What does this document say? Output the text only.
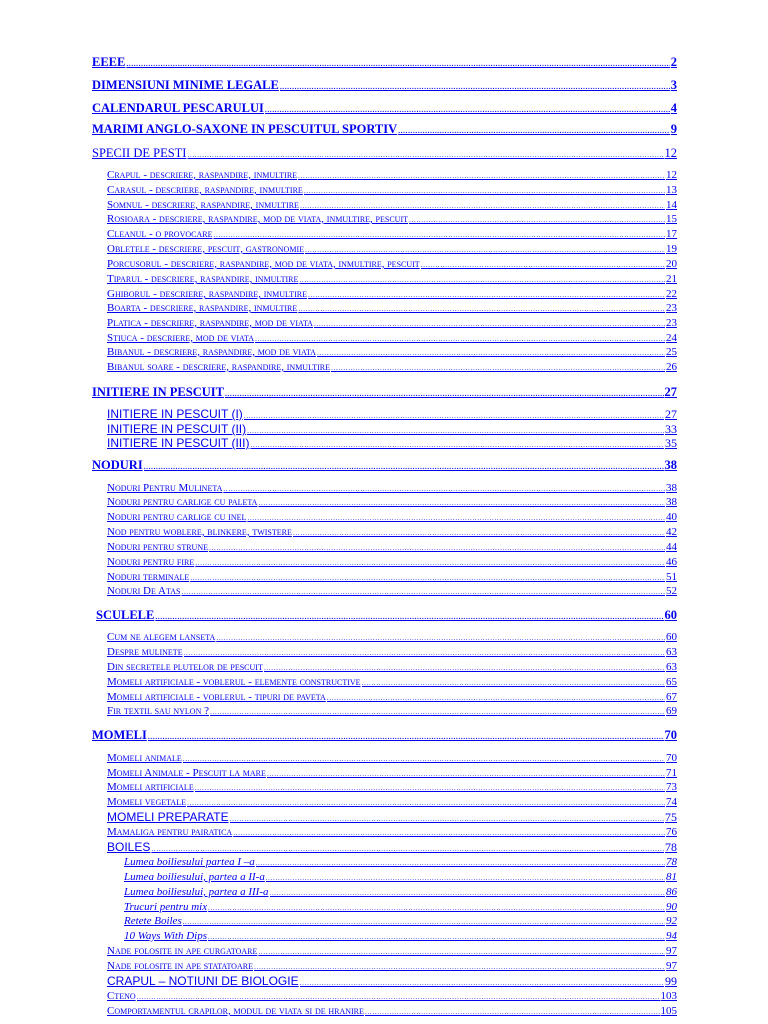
EEEE .....	2
DIMENSIUNI MINIME LEGALE .....	3
CALENDARUL PESCARULUI .....	4
MARIMI ANGLO-SAXONE IN PESCUITUL SPORTIV .....	9
SPECII DE PESTI .....	12
Crapul - descriere, raspandire, inmultire .....	12
Carasul - descriere, raspandire, inmultire .....	13
Somnul - descriere, raspandire, inmultire .....	14
Rosioara - descriere, raspandire, mod de viata, inmultire, pescuit .....	15
Cleanul - o provocare .....	17
Obletele - descriere, pescuit, gastronomie .....	19
Porcusorul - descriere, raspandire, mod de viata, inmultire, pescuit .....	20
Tiparul - descriere, raspandire, inmultire .....	21
Ghiborul - descriere, raspandire, inmultire .....	22
Boarta - descriere, raspandire, inmultire .....	23
Platica - descriere, raspandire, mod de viata .....	23
Stiuca - descriere, mod de viata .....	24
Bibanul - descriere, raspandire, mod de viata .....	25
Bibanul soare - descriere, raspandire, inmultire .....	26
INITIERE IN PESCUIT .....	27
INITIERE IN PESCUIT (I) .....	27
INITIERE IN PESCUIT (II) .....	33
INITIERE IN PESCUIT (III) .....	35
NODURI .....	38
Noduri Pentru Mulineta .....	38
Noduri pentru carlige cu paleta .....	38
Noduri pentru carlige cu inel .....	40
Nod pentru woblere, blinkere, twistere .....	42
Noduri pentru strune .....	44
Noduri pentru fire .....	46
Noduri terminale .....	51
Noduri De Atas .....	52
SCULELE .....	60
Cum ne alegem lanseta .....	60
Despre mulinete .....	63
Din secretele plutelor de pescuit .....	63
Momeli artificiale - voblerul - elemente constructive .....	65
Momeli artificiale - voblerul - tipuri de paveta .....	67
Fir textil sau nylon ? .....	69
MOMELI .....	70
Momeli animale .....	70
Momeli Animale - Pescuit la mare .....	71
Momeli artificiale .....	73
Momeli vegetale .....	74
MOMELI PREPARATE .....	75
Mamaliga pentru pairatica .....	76
BOILES .....	78
Lumea boiliesului partea I –a .....	78
Lumea boiliesului, partea a II-a .....	81
Lumea boiliesului, partea a III-a .....	86
Trucuri pentru mix .....	90
Retete Boiles .....	92
10 Ways With Dips .....	94
Nade folosite in ape curgatoare .....	97
Nade folosite in ape statatoare .....	97
CRAPUL – NOTIUNI DE BIOLOGIE .....	99
Cteno .....	103
Comportamentul crapilor, modul de viata si de hranire .....	105
